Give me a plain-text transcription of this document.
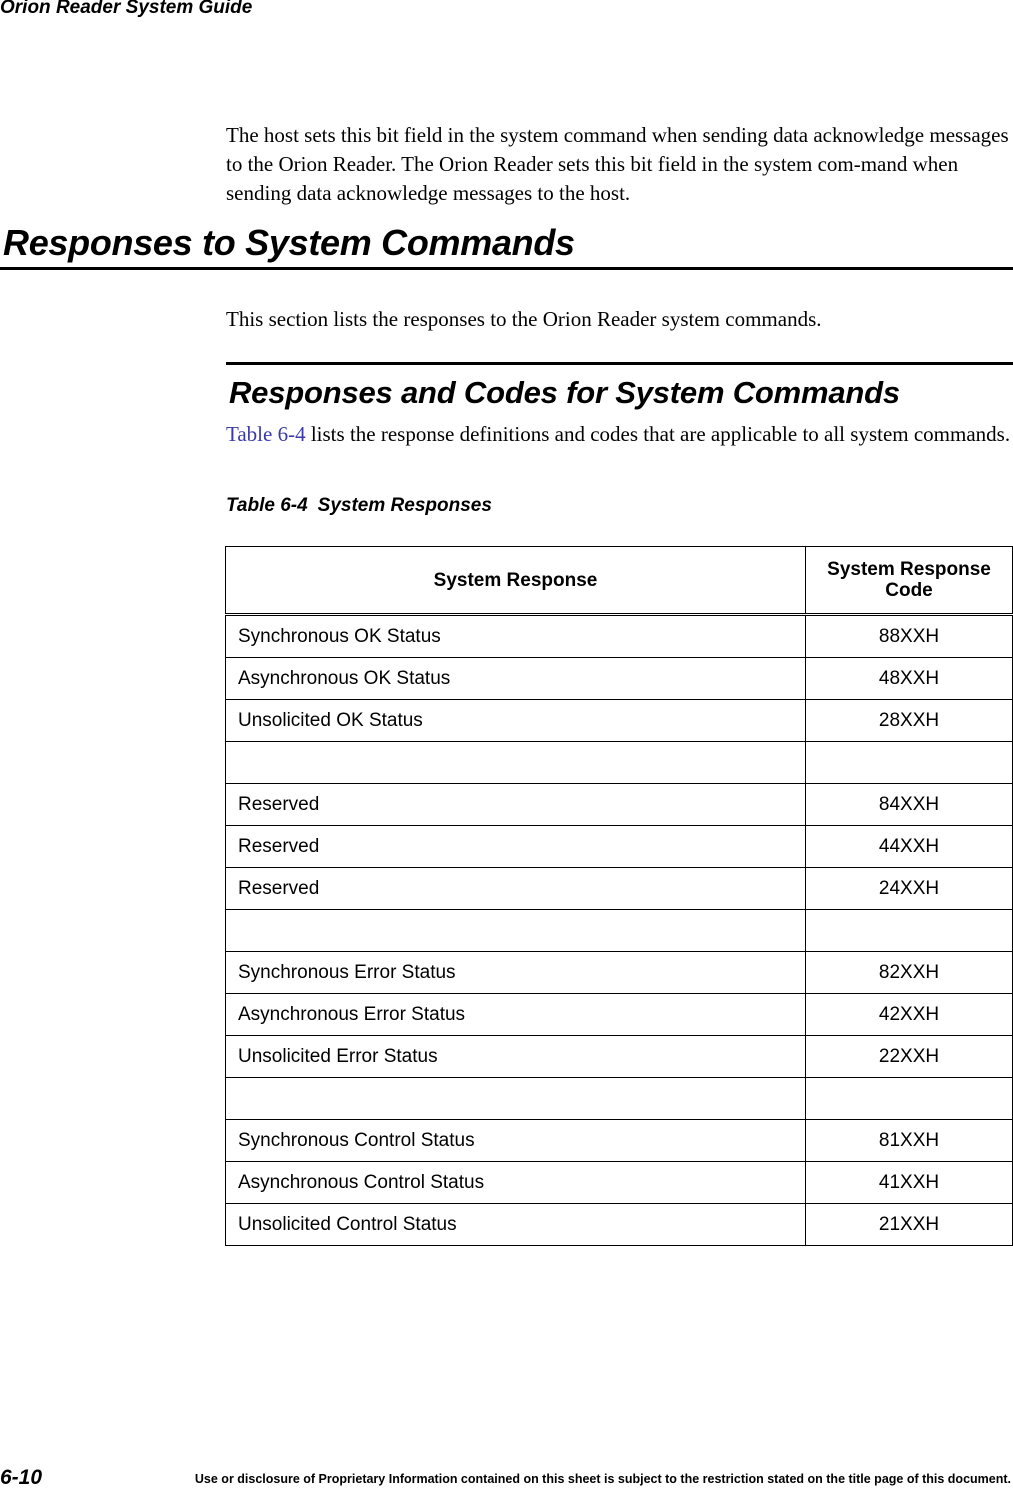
Orion Reader System Guide

The host sets this bit field in the system command when sending data acknowledge messages to the Orion Reader. The Orion Reader sets this bit field in the system com-mand when sending data acknowledge messages to the host.

Responses to System Commands

This section lists the responses to the Orion Reader system commands.

Responses and Codes for System Commands

Table 6-4 lists the response definitions and codes that are applicable to all system commands.

Table 6-4 System Responses
System Response	System Response Code
Synchronous OK Status	88XXH
Asynchronous OK Status	48XXH
Unsolicited OK Status	28XXH

Reserved	84XXH
Reserved	44XXH
Reserved	24XXH

Synchronous Error Status	82XXH
Asynchronous Error Status	42XXH
Unsolicited Error Status	22XXH

Synchronous Control Status	81XXH
Asynchronous Control Status	41XXH
Unsolicited Control Status	21XXH
6-10	Use or disclosure of Proprietary Information contained on this sheet is subject to the restriction stated on the title page of this document.
